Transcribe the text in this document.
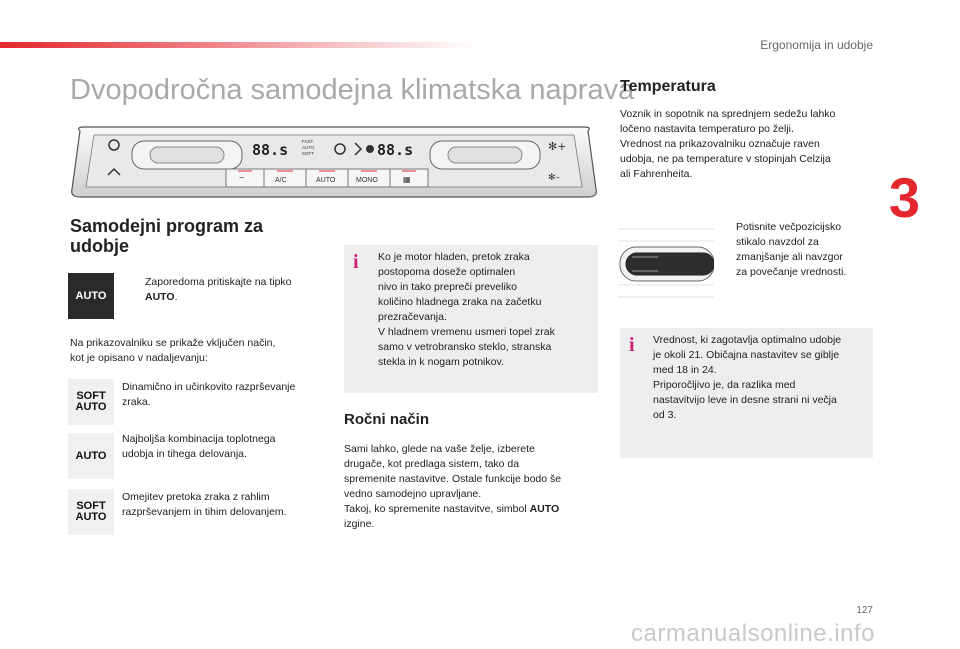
Ergonomija in udobje
3
Dvopodročna samodejna klimatska naprava
88.s	88.s
FAST
AUTO
SOFT
✻+
✻–
⌔	A/C	AUTO	MONO	▦
Samodejni program za
udobje
AUTO
Zaporedoma pritiskajte na tipko
AUTO.
Na prikazovalniku se prikaže vključen način,
kot je opisano v nadaljevanju:
SOFT
AUTO
Dinamično in učinkovito razprševanje
zraka.
AUTO
Najboljša kombinacija toplotnega
udobja in tihega delovanja.
SOFT
AUTO
Omejitev pretoka zraka z rahlim
razprševanjem in tihim delovanjem.
i Ko je motor hladen, pretok zraka
postopoma doseže optimalen
nivo in tako prepreči preveliko
količino hladnega zraka na začetku
prezračevanja.
V hladnem vremenu usmeri topel zrak
samo v vetrobransko steklo, stranska
stekla in k nogam potnikov.
Ročni način
Sami lahko, glede na vaše želje, izberete
drugače, kot predlaga sistem, tako da
spremenite nastavitve. Ostale funkcije bodo še
vedno samodejno upravljane.
Takoj, ko spremenite nastavitve, simbol AUTO
izgine.
Temperatura
Voznik in sopotnik na sprednjem sedežu lahko
ločeno nastavita temperaturo po želji.
Vrednost na prikazovalniku označuje raven
udobja, ne pa temperature v stopinjah Celzija
ali Fahrenheita.
Potisnite večpozicijsko
stikalo navzdol za
zmanjšanje ali navzgor
za povečanje vrednosti.
i Vrednost, ki zagotavlja optimalno udobje
je okoli 21. Običajna nastavitev se giblje
med 18 in 24.
Priporočljivo je, da razlika med
nastavitvijo leve in desne strani ni večja
od 3.
127
carmanualsonline.info
